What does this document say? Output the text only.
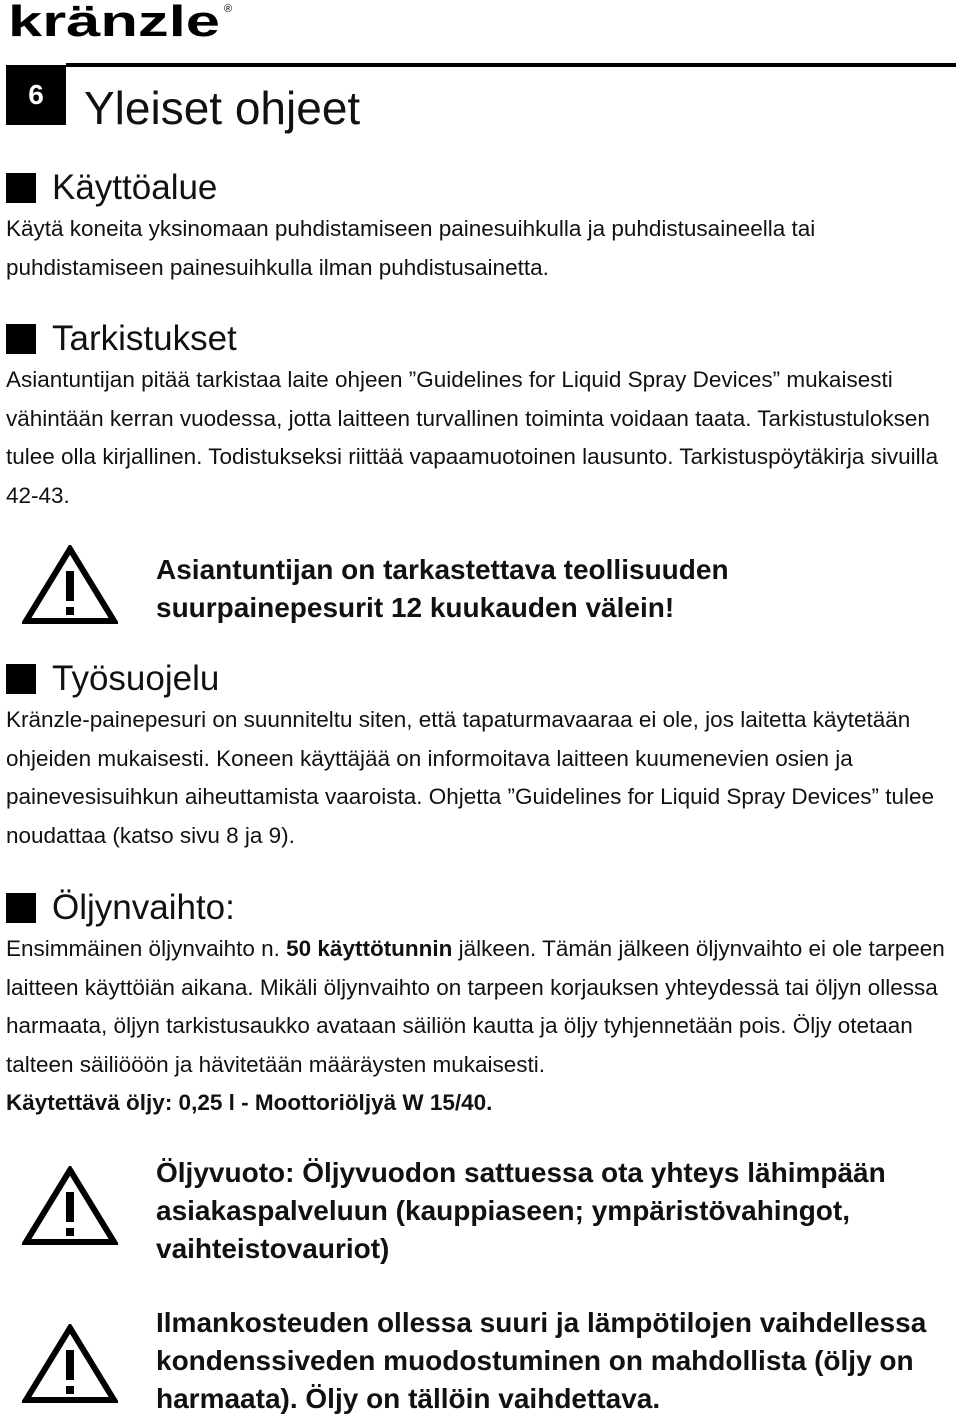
kränzle ®
6 Yleiset ohjeet
Käyttöalue

Käytä koneita yksinomaan puhdistamiseen painesuihkulla ja puhdistusaineella tai puhdistamiseen painesuihkulla ilman puhdistusainetta.

Tarkistukset

Asiantuntijan pitää tarkistaa laite ohjeen ”Guidelines for Liquid Spray Devices” mukaisesti vähintään kerran vuodessa, jotta laitteen turvallinen toiminta voidaan taata. Tarkistustuloksen tulee olla kirjallinen. Todistukseksi riittää vapaamuotoinen lausunto. Tarkistuspöytäkirja sivuilla 42-43.

Asiantuntijan on tarkastettava teollisuuden suurpainepesurit 12 kuukauden välein!
Työsuojelu

Kränzle-painepesuri on suunniteltu siten, että tapaturmavaaraa ei ole, jos laitetta käytetään ohjeiden mukaisesti. Koneen käyttäjää on informoitava laitteen kuumenevien osien ja painevesisuihkun aiheuttamista vaaroista. Ohjetta ”Guidelines for Liquid Spray Devices” tulee noudattaa (katso sivu 8 ja 9).

Öljynvaihto:

Ensimmäinen öljynvaihto n. 50 käyttötunnin jälkeen. Tämän jälkeen öljynvaihto ei ole tarpeen laitteen käyttöiän aikana. Mikäli öljynvaihto on tarpeen korjauksen yhteydessä tai öljyn ollessa harmaata, öljyn tarkistusaukko avataan säiliön kautta ja öljy tyhjennetään pois. Öljy otetaan talteen säiliööön ja hävitetään määräysten mukaisesti.

Käytettävä öljy: 0,25 l - Moottoriöljyä W 15/40.

Öljyvuoto: Öljyvuodon sattuessa ota yhteys lähimpään asiakaspalveluun (kauppiaseen; ympäristövahingot, vaihteistovauriot)
Ilmankosteuden ollessa suuri ja lämpötilojen vaihdellessa kondenssiveden muodostuminen on mahdollista (öljy on harmaata). Öljy on tällöin vaihdettava.
